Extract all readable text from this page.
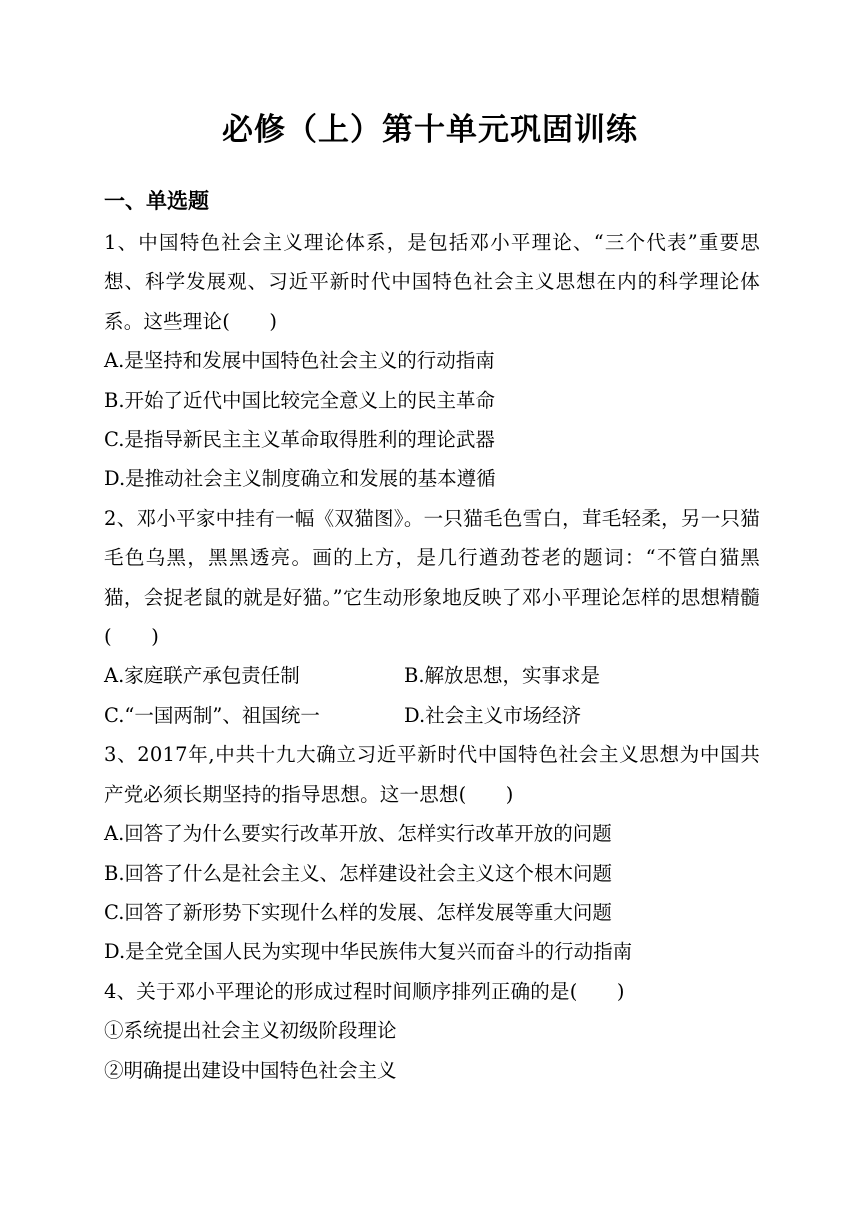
必修（上）第十单元巩固训练
一、单选题

1、中国特色社会主义理论体系，是包括邓小平理论、“三个代表”重要思想、科学发展观、习近平新时代中国特色社会主义思想在内的科学理论体系。这些理论(　　)

A.是坚持和发展中国特色社会主义的行动指南

B.开始了近代中国比较完全意义上的民主革命

C.是指导新民主主义革命取得胜利的理论武器

D.是推动社会主义制度确立和发展的基本遵循

2、邓小平家中挂有一幅《双猫图》。一只猫毛色雪白，茸毛轻柔，另一只猫毛色乌黑，黑黑透亮。画的上方，是几行遒劲苍老的题词：“不管白猫黑猫，会捉老鼠的就是好猫。”它生动形象地反映了邓小平理论怎样的思想精髓(　　)

A.家庭联产承包责任制	B.解放思想，实事求是
C.“一国两制”、祖国统一	D.社会主义市场经济

3、2017年,中共十九大确立习近平新时代中国特色社会主义思想为中国共产党必须长期坚持的指导思想。这一思想(　　)

A.回答了为什么要实行改革开放、怎样实行改革开放的问题

B.回答了什么是社会主义、怎样建设社会主义这个根木问题

C.回答了新形势下实现什么样的发展、怎样发展等重大问题

D.是全党全国人民为实现中华民族伟大复兴而奋斗的行动指南

4、关于邓小平理论的形成过程时间顺序排列正确的是(　　)

①系统提出社会主义初级阶段理论

②明确提出建设中国特色社会主义
